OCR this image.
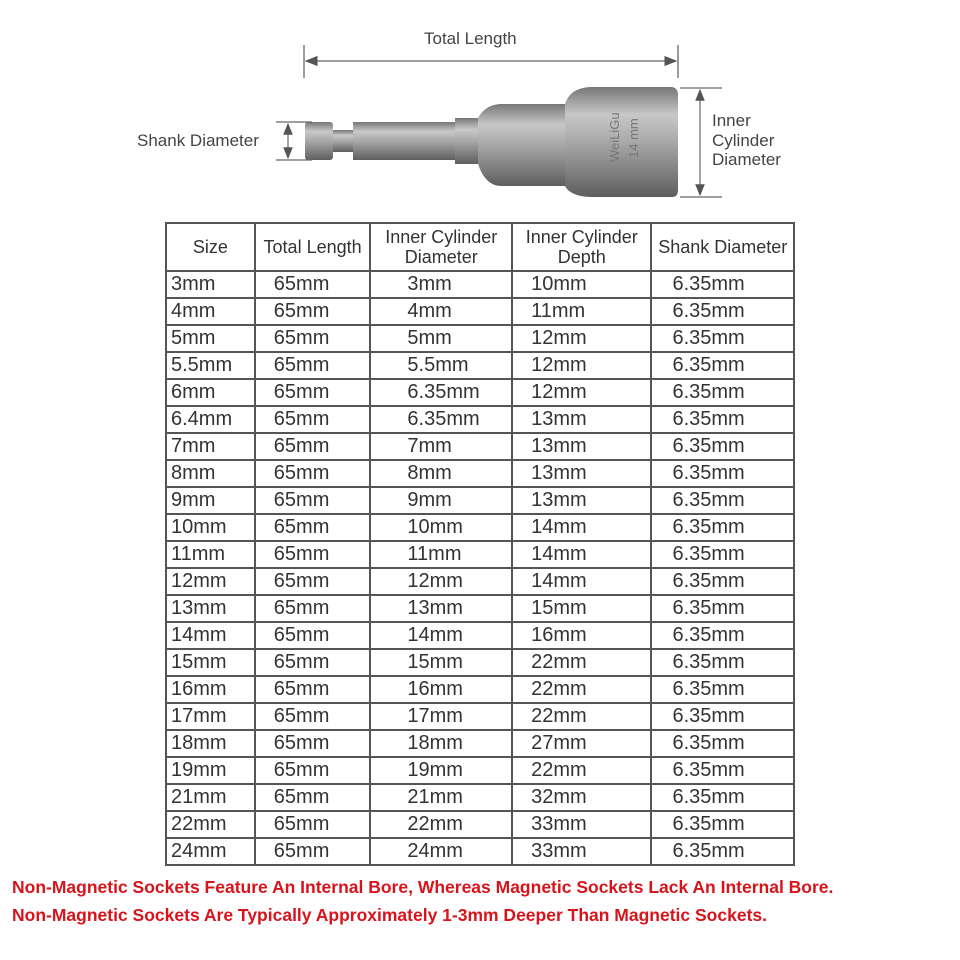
WeiLiGu 14 mm
Total Length
Shank Diameter
Inner
Cylinder
Diameter
Size	Total Length	Inner Cylinder Diameter	Inner Cylinder Depth	Shank Diameter
3mm	65mm	3mm	10mm	6.35mm
4mm	65mm	4mm	11mm	6.35mm
5mm	65mm	5mm	12mm	6.35mm
5.5mm	65mm	5.5mm	12mm	6.35mm
6mm	65mm	6.35mm	12mm	6.35mm
6.4mm	65mm	6.35mm	13mm	6.35mm
7mm	65mm	7mm	13mm	6.35mm
8mm	65mm	8mm	13mm	6.35mm
9mm	65mm	9mm	13mm	6.35mm
10mm	65mm	10mm	14mm	6.35mm
11mm	65mm	11mm	14mm	6.35mm
12mm	65mm	12mm	14mm	6.35mm
13mm	65mm	13mm	15mm	6.35mm
14mm	65mm	14mm	16mm	6.35mm
15mm	65mm	15mm	22mm	6.35mm
16mm	65mm	16mm	22mm	6.35mm
17mm	65mm	17mm	22mm	6.35mm
18mm	65mm	18mm	27mm	6.35mm
19mm	65mm	19mm	22mm	6.35mm
21mm	65mm	21mm	32mm	6.35mm
22mm	65mm	22mm	33mm	6.35mm
24mm	65mm	24mm	33mm	6.35mm
Non-Magnetic Sockets Feature An Internal Bore, Whereas Magnetic Sockets Lack An Internal Bore.
Non-Magnetic Sockets Are Typically Approximately 1-3mm Deeper Than Magnetic Sockets.
